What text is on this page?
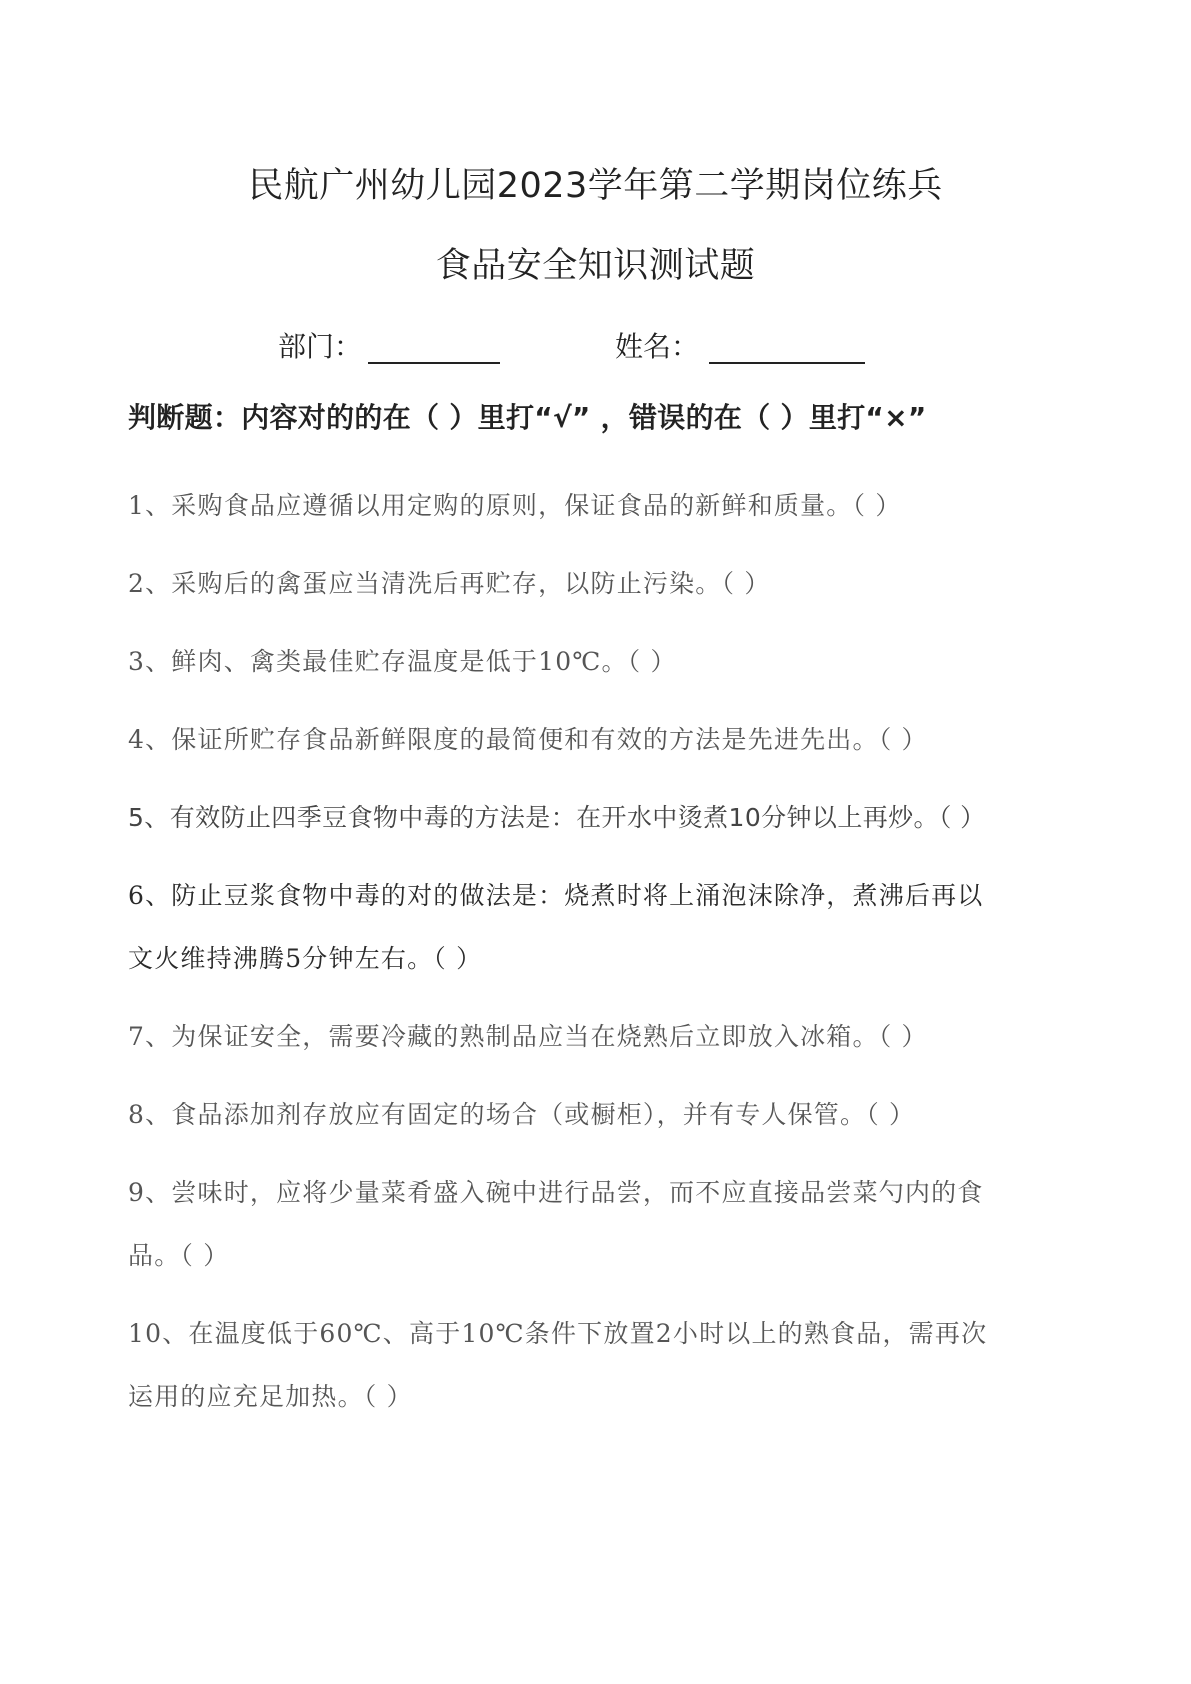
民航广州幼儿园2023学年第二学期岗位练兵
食品安全知识测试题
部门：	姓名：
判断题：内容对的的在（ ）里打“√” ，错误的在（ ）里打“×”
1、采购食品应遵循以用定购的原则，保证食品的新鲜和质量。（ ）
2、采购后的禽蛋应当清洗后再贮存，以防止污染。（ ）
3、鲜肉、禽类最佳贮存温度是低于10℃。（ ）
4、保证所贮存食品新鲜限度的最简便和有效的方法是先进先出。（ ）
5、有效防止四季豆食物中毒的方法是：在开水中烫煮10分钟以上再炒。（ ）
6、防止豆浆食物中毒的对的做法是：烧煮时将上涌泡沫除净，煮沸后再以
文火维持沸腾5分钟左右。（ ）
7、为保证安全，需要冷藏的熟制品应当在烧熟后立即放入冰箱。（ ）
8、食品添加剂存放应有固定的场合（或橱柜），并有专人保管。（ ）
9、尝味时，应将少量菜肴盛入碗中进行品尝，而不应直接品尝菜勺内的食
品。（ ）
10、在温度低于60℃、高于10℃条件下放置2小时以上的熟食品，需再次
运用的应充足加热。（ ）
